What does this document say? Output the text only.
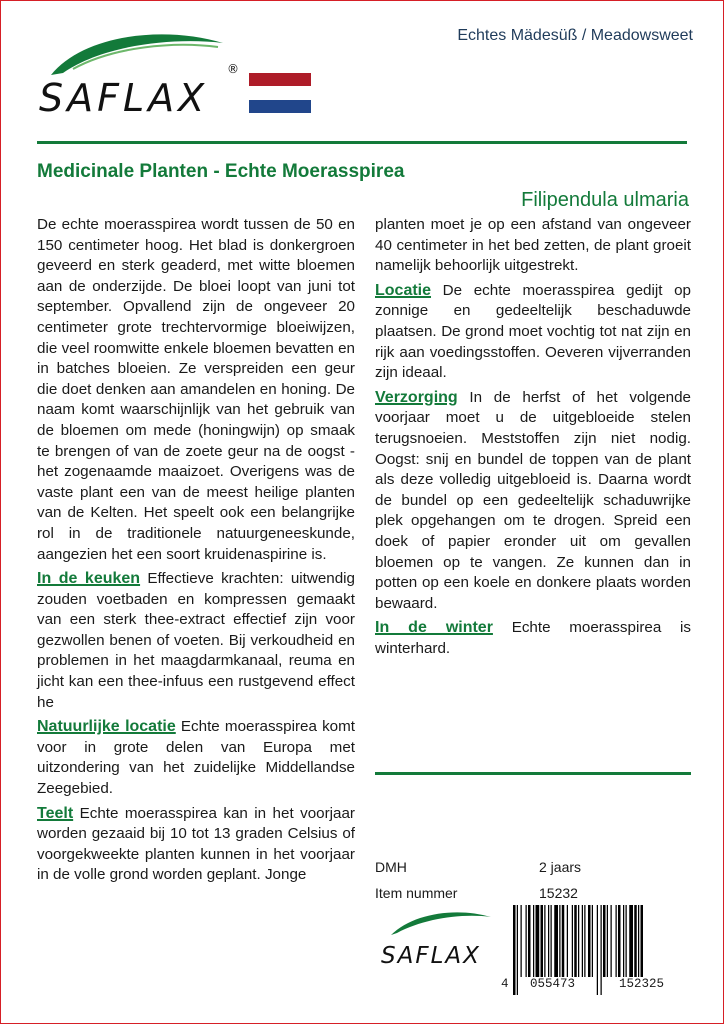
Echtes Mädesüß / Meadowsweet
SAFLAX
®
Medicinale Planten - Echte Moerasspirea
Filipendula ulmaria

De echte moerasspirea wordt tussen de 50 en 150 centimeter hoog. Het blad is donkergroen geveerd en sterk geaderd, met witte bloemen aan de onderzijde. De bloei loopt van juni tot september. Opvallend zijn de ongeveer 20 centimeter grote trechtervormige bloeiwijzen, die veel roomwitte enkele bloemen bevatten en in batches bloeien. Ze verspreiden een geur die doet denken aan amandelen en honing. De naam komt waarschijnlijk van het gebruik van de bloemen om mede (honingwijn) op smaak te brengen of van de zoete geur na de oogst - het zogenaamde maaizoet. Overigens was de vaste plant een van de meest heilige planten van de Kelten. Het speelt ook een belangrijke rol in de traditionele natuurgeneeskunde, aangezien het een soort kruidenaspirine is.

In de keuken Effectieve krachten: uitwendig zouden voetbaden en kompressen gemaakt van een sterk thee-extract effectief zijn voor gezwollen benen of voeten. Bij verkoudheid en problemen in het maagdarmkanaal, reuma en jicht kan een thee-infuus een rustgevend effect he

Natuurlijke locatie Echte moerasspirea komt voor in grote delen van Europa met uitzondering van het zuidelijke Middellandse Zeegebied.

Teelt Echte moerasspirea kan in het voorjaar worden gezaaid bij 10 tot 13 graden Celsius of voorgekweekte planten kunnen in het voorjaar in de volle grond worden geplant. Jonge

planten moet je op een afstand van ongeveer 40 centimeter in het bed zetten, de plant groeit namelijk behoorlijk uitgestrekt.

Locatie De echte moerasspirea gedijt op zonnige en gedeeltelijk beschaduwde plaatsen. De grond moet vochtig tot nat zijn en rijk aan voedingsstoffen. Oeveren vijverranden zijn ideaal.

Verzorging In de herfst of het volgende voorjaar moet u de uitgebloeide stelen terugsnoeien. Meststoffen zijn niet nodig. Oogst: snij en bundel de toppen van de plant als deze volledig uitgebloeid is. Daarna wordt de bundel op een gedeeltelijk schaduwrijke plek opgehangen om te drogen. Spreid een doek of papier eronder uit om gevallen bloemen op te vangen. Ze kunnen dan in potten op een koele en donkere plaats worden bewaard.

In de winter Echte moerasspirea is winterhard.

DMH	2 jaars
Item nummer	15232
SAFLAX
4 055473	152325
